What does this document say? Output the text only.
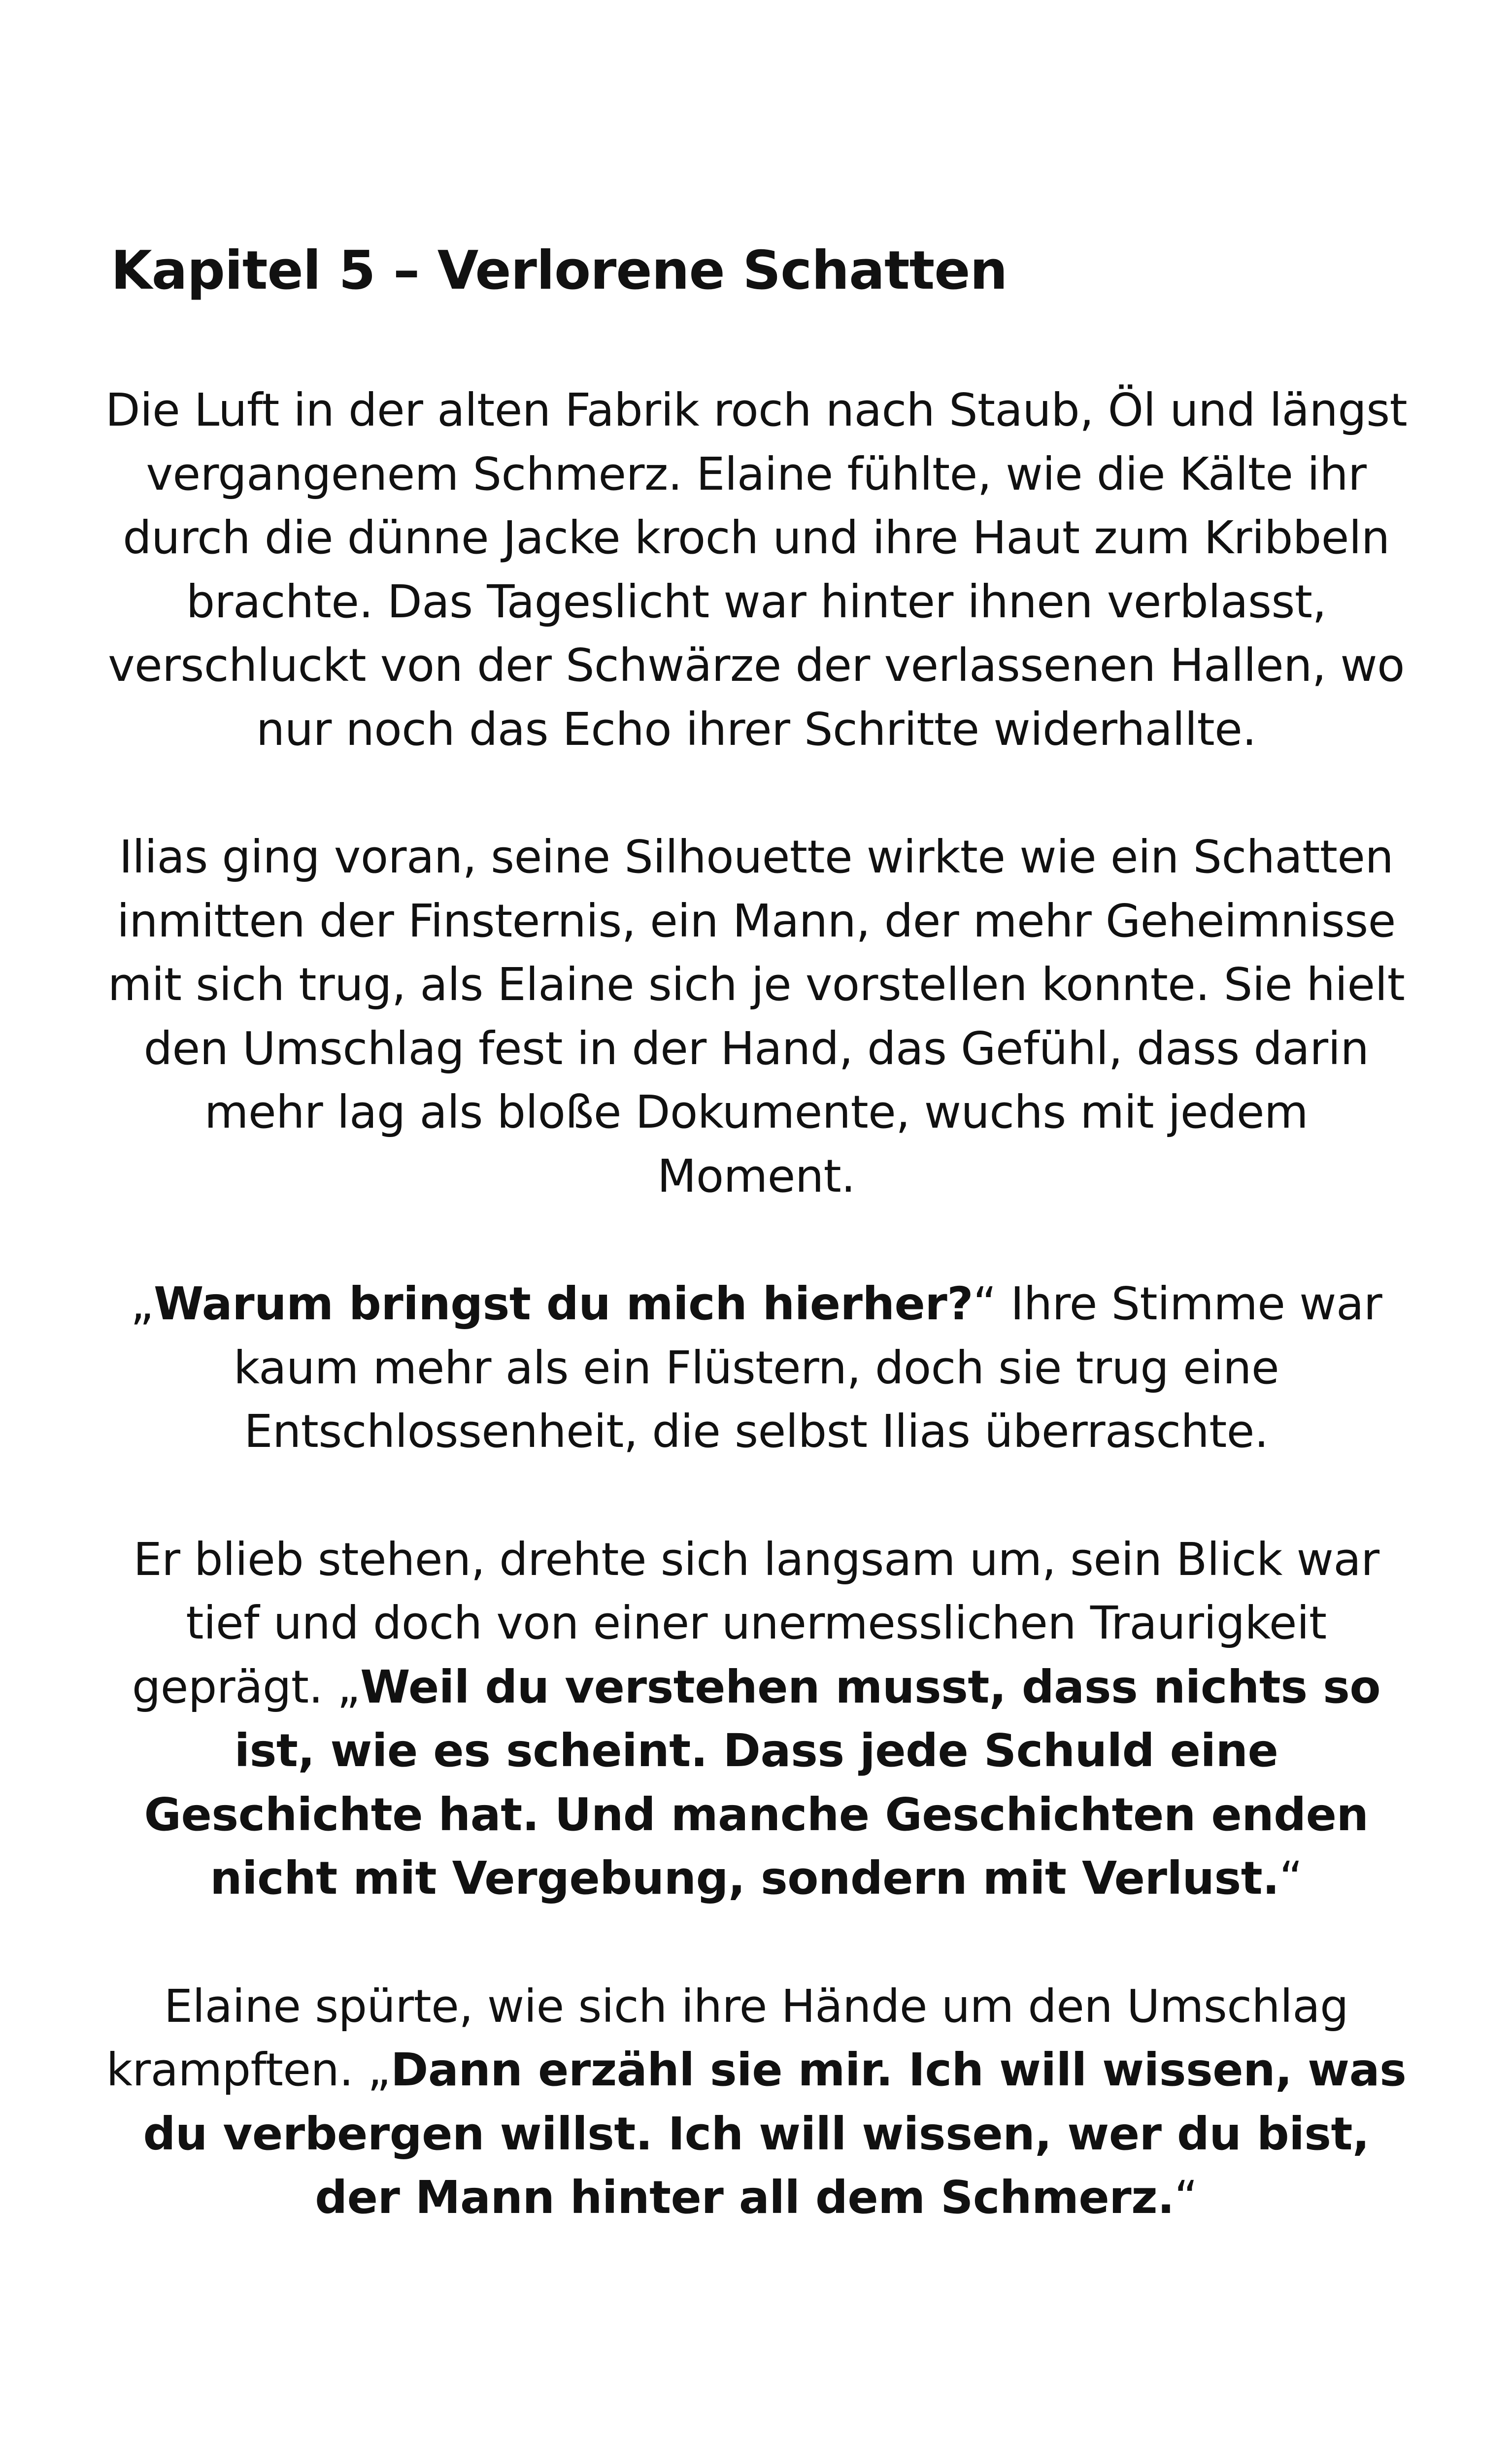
Kapitel 5 – Verlorene Schatten

Die Luft in der alten Fabrik roch nach Staub, Öl und längst vergangenem Schmerz. Elaine fühlte, wie die Kälte ihr durch die dünne Jacke kroch und ihre Haut zum Kribbeln brachte. Das Tageslicht war hinter ihnen verblasst, verschluckt von der Schwärze der verlassenen Hallen, wo nur noch das Echo ihrer Schritte widerhallte.

Ilias ging voran, seine Silhouette wirkte wie ein Schatten inmitten der Finsternis, ein Mann, der mehr Geheimnisse mit sich trug, als Elaine sich je vorstellen konnte. Sie hielt den Umschlag fest in der Hand, das Gefühl, dass darin mehr lag als bloße Dokumente, wuchs mit jedem Moment.

„Warum bringst du mich hierher?“ Ihre Stimme war kaum mehr als ein Flüstern, doch sie trug eine Entschlossenheit, die selbst Ilias überraschte.

Er blieb stehen, drehte sich langsam um, sein Blick war tief und doch von einer unermesslichen Traurigkeit geprägt. „Weil du verstehen musst, dass nichts so ist, wie es scheint. Dass jede Schuld eine Geschichte hat. Und manche Geschichten enden nicht mit Vergebung, sondern mit Verlust.“

Elaine spürte, wie sich ihre Hände um den Umschlag krampften. „Dann erzähl sie mir. Ich will wissen, was du verbergen willst. Ich will wissen, wer du bist, der Mann hinter all dem Schmerz.“
